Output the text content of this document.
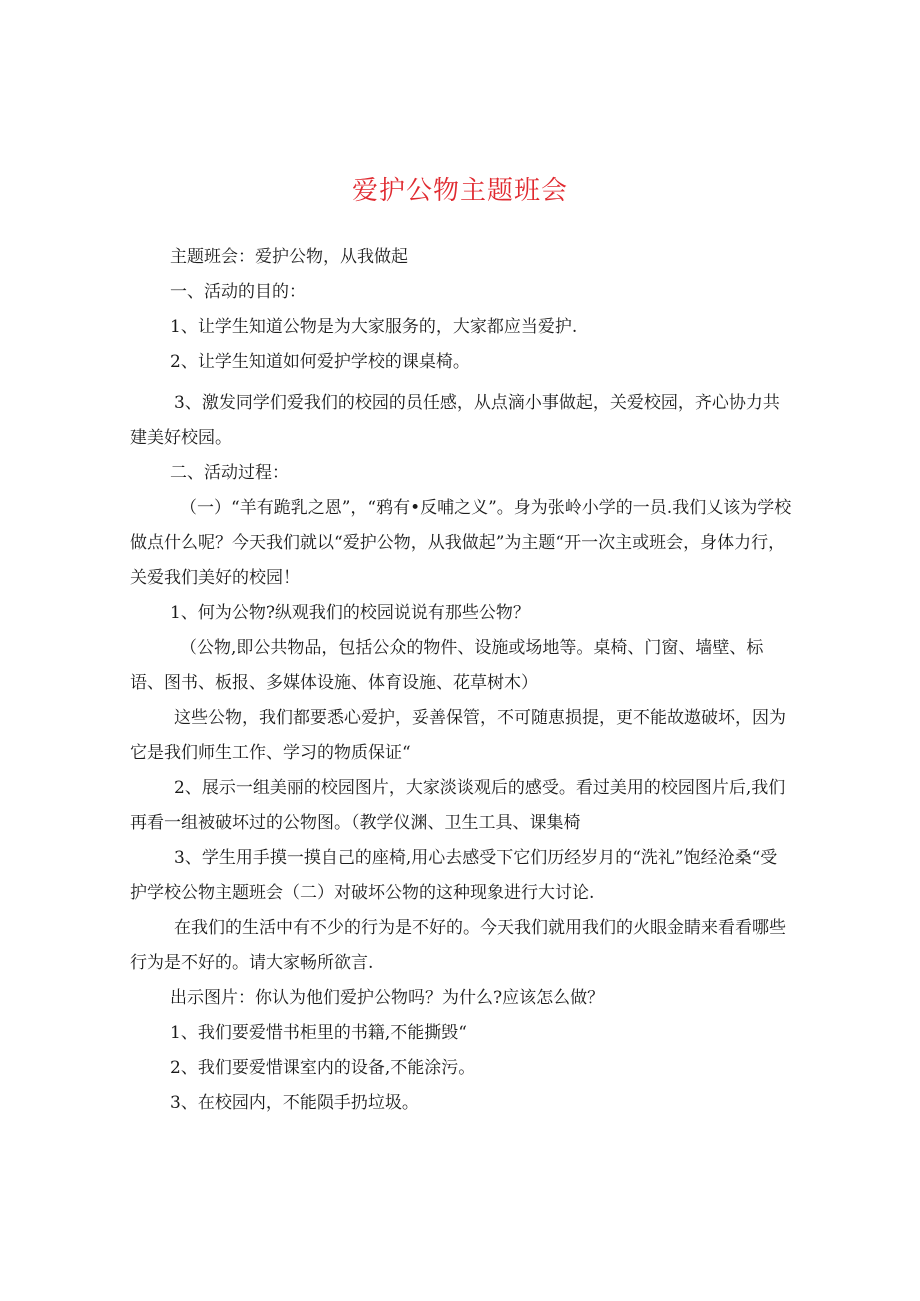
爱护公物主题班会

主题班会：爱护公物，从我做起

一、活动的目的：

1、让学生知道公物是为大家服务的，大家都应当爱护.

2、让学生知道如何爱护学校的课桌椅。

3、激发同学们爱我们的校园的员任感，从点滴小事做起，关爱校园，齐心协力共建美好校园。

二、活动过程：

（一）“羊有跪乳之恩”，“鸦有•反哺之义”。身为张岭小学的一员.我们乂该为学校做点什么呢？今天我们就以“爱护公物，从我做起”为主题“开一次主或班会，身体力行，关爱我们美好的校园！

1、何为公物?纵观我们的校园说说有那些公物？

（公物,即公共物品，包括公众的物件、设施或场地等。桌椅、门窗、墙壁、标语、图书、板报、多媒体设施、体育设施、花草树木）

这些公物，我们都要悉心爱护，妥善保管，不可随恵损提，更不能故遨破坏，因为它是我们师生工作、学习的物质保证“

2、展示一组美丽的校园图片，大家淡谈观后的感受。看过美用的校园图片后,我们再看一组被破坏过的公物图。（教学仪渊、卫生工具、课集椅

3、学生用手摸一摸自己的座椅,用心去感受下它们历经岁月的“洗礼”饱经沧桑“受护学校公物主题班会（二）对破坏公物的这种现象进行大讨论.

在我们的生活中有不少的行为是不好的。今天我们就用我们的火眼金睛来看看哪些行为是不好的。请大家畅所欲言.

出示图片：你认为他们爱护公物吗？为什么?应该怎么做？

1、我们要爱惜书柜里的书籍,不能撕毁“

2、我们要爱惜课室内的设备,不能涂污。

3、在校园内，不能陨手扔垃圾。
